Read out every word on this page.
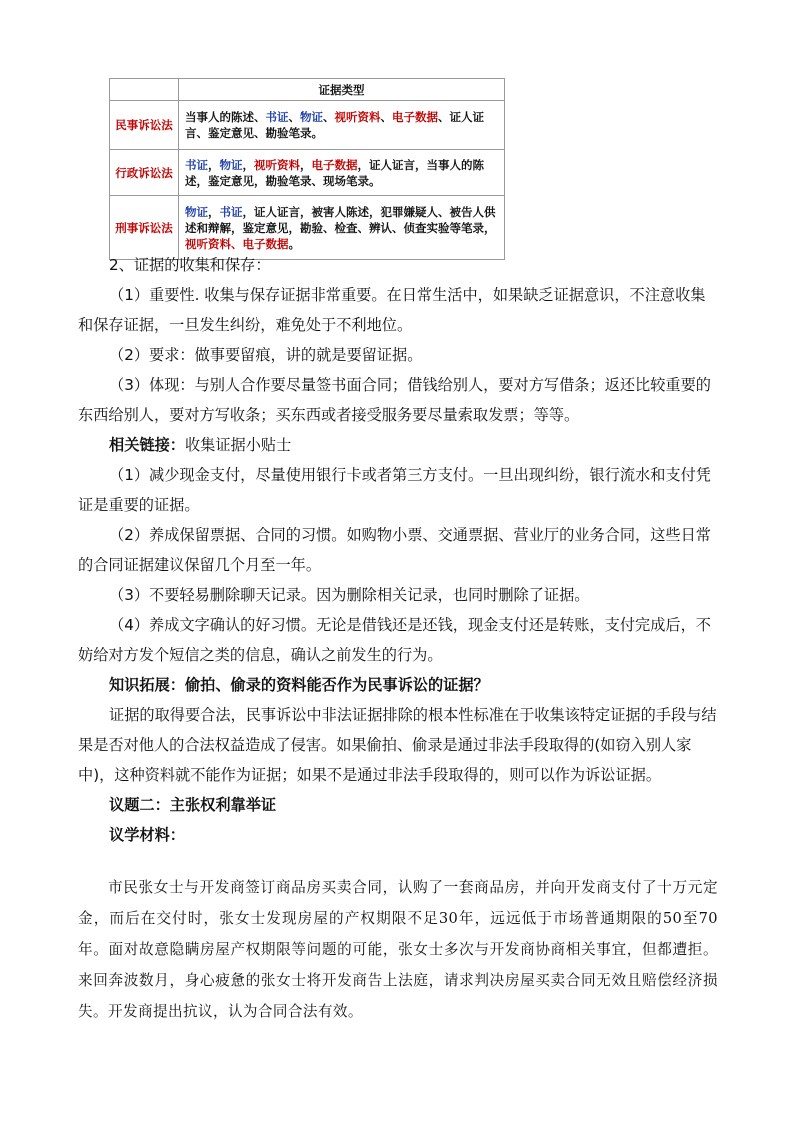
	证据类型
民事诉讼法	当事人的陈述、书证、物证、视听资料、电子数据、证人证言、鉴定意见、勘验笔录。
行政诉讼法	书证，物证，视听资料，电子数据，证人证言，当事人的陈述，鉴定意见，勘验笔录、现场笔录。
刑事诉讼法	物证，书证，证人证言，被害人陈述，犯罪嫌疑人、被告人供述和辩解，鉴定意见，勘验、检查、辨认、侦查实验等笔录，视听资料、电子数据。

2、证据的收集和保存：

（1）重要性. 收集与保存证据非常重要。在日常生活中，如果缺乏证据意识，不注意收集和保存证据，一旦发生纠纷，难免处于不利地位。

（2）要求：做事要留痕，讲的就是要留证据。

（3）体现：与别人合作要尽量签书面合同；借钱给别人，要对方写借条；返还比较重要的东西给别人，要对方写收条；买东西或者接受服务要尽量索取发票；等等。

相关链接：收集证据小贴士

（1）减少现金支付，尽量使用银行卡或者第三方支付。一旦出现纠纷，银行流水和支付凭证是重要的证据。

（2）养成保留票据、合同的习惯。如购物小票、交通票据、营业厅的业务合同，这些日常的合同证据建议保留几个月至一年。

（3）不要轻易删除聊天记录。因为删除相关记录，也同时删除了证据。

（4）养成文字确认的好习惯。无论是借钱还是还钱，现金支付还是转账，支付完成后，不妨给对方发个短信之类的信息，确认之前发生的行为。

知识拓展：偷拍、偷录的资料能否作为民事诉讼的证据？

证据的取得要合法，民事诉讼中非法证据排除的根本性标准在于收集该特定证据的手段与结果是否对他人的合法权益造成了侵害。如果偷拍、偷录是通过非法手段取得的(如窃入别人家中)，这种资料就不能作为证据；如果不是通过非法手段取得的，则可以作为诉讼证据。

议题二：主张权利靠举证

议学材料：

市民张女士与开发商签订商品房买卖合同，认购了一套商品房，并向开发商支付了十万元定金，而后在交付时，张女士发现房屋的产权期限不足30年，远远低于市场普通期限的50至70年。面对故意隐瞒房屋产权期限等问题的可能，张女士多次与开发商协商相关事宜，但都遭拒。来回奔波数月，身心疲惫的张女士将开发商告上法庭，请求判决房屋买卖合同无效且赔偿经济损失。开发商提出抗议，认为合同合法有效。
